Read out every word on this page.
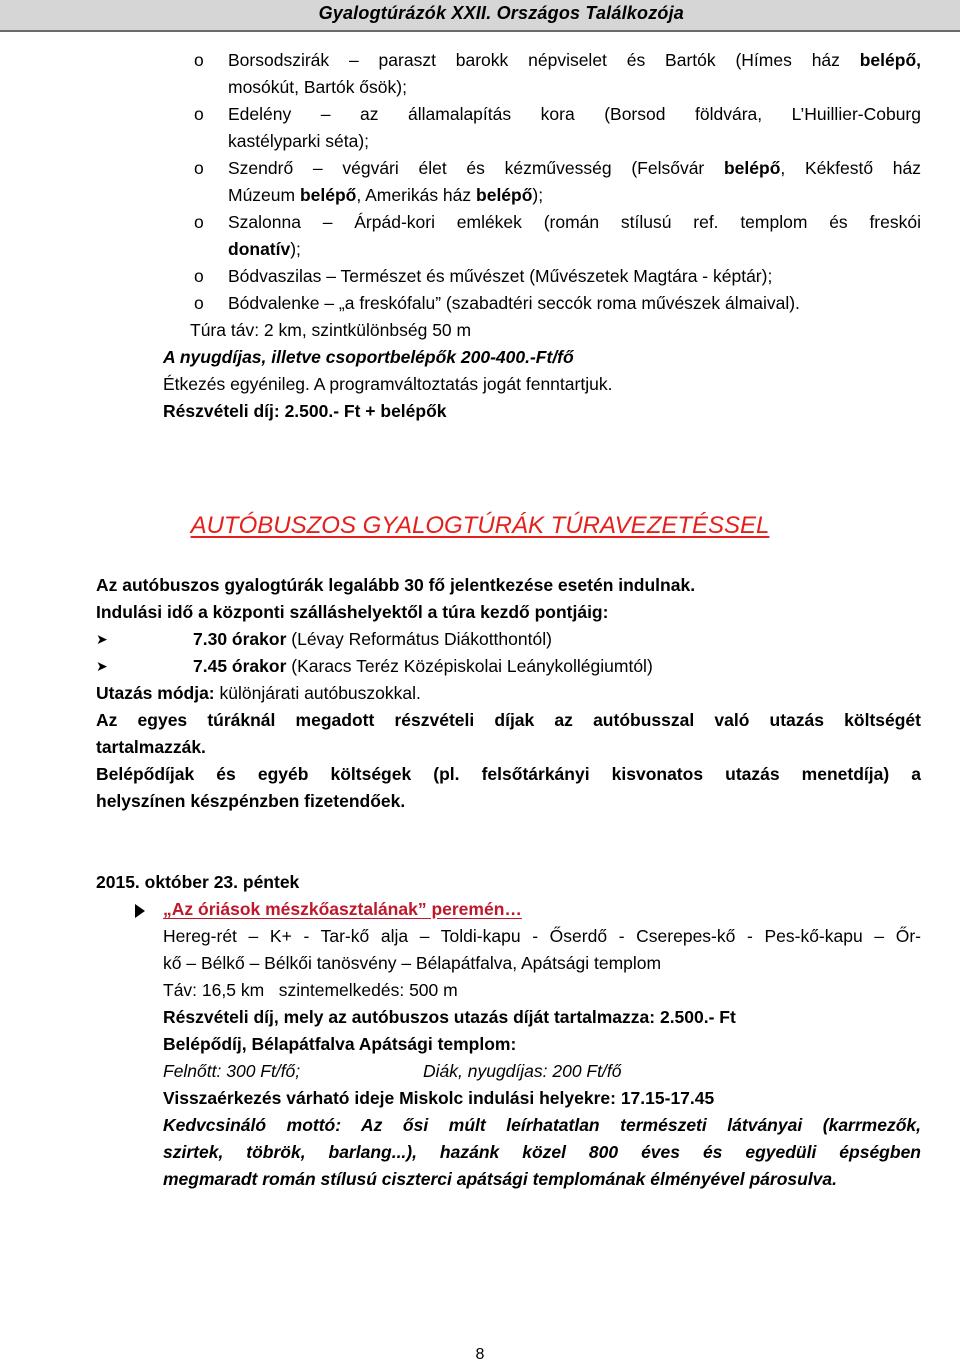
Gyalogtúrázók XXII. Országos Találkozója
o	Borsodszirák – paraszt barokk népviselet és Bartók (Hímes ház belépő,
mosókút, Bartók ősök);
o	Edelény – az államalapítás kora (Borsod földvára, L’Huillier-Coburg
kastélyparki séta);
o	Szendrő – végvári élet és kézművesség (Felsővár belépő, Kékfestő ház
Múzeum belépő, Amerikás ház belépő);
o	Szalonna – Árpád-kori emlékek (román stílusú ref. templom és freskói
donatív);
o	Bódvaszilas – Természet és művészet (Művészetek Magtára - képtár);
o	Bódvalenke – „a freskófalu” (szabadtéri seccók roma művészek álmaival).
Túra táv: 2 km, szintkülönbség 50 m
A nyugdíjas, illetve csoportbelépők 200-400.-Ft/fő
Étkezés egyénileg. A programváltoztatás jogát fenntartjuk.
Részvételi díj: 2.500.- Ft + belépők
AUTÓBUSZOS GYALOGTÚRÁK TÚRAVEZETÉSSEL
Az autóbuszos gyalogtúrák legalább 30 fő jelentkezése esetén indulnak.
Indulási idő a központi szálláshelyektől a túra kezdő pontjáig:
➤	7.30 órakor (Lévay Református Diákotthontól)
➤	7.45 órakor (Karacs Teréz Középiskolai Leánykollégiumtól)
Utazás módja: különjárati autóbuszokkal.
Az egyes túráknál megadott részvételi díjak az autóbusszal való utazás költségét
tartalmazzák.
Belépődíjak és egyéb költségek (pl. felsőtárkányi kisvonatos utazás menetdíja) a
helyszínen készpénzben fizetendőek.
2015. október 23. péntek
„Az óriások mészkőasztalának” peremén…
Hereg-rét – K+ - Tar-kő alja – Toldi-kapu - Őserdő - Cserepes-kő - Pes-kő-kapu – Őr-
kő – Bélkő – Bélkői tanösvény – Bélapátfalva, Apátsági templom
Táv: 16,5 km   szintemelkedés: 500 m
Részvételi díj, mely az autóbuszos utazás díját tartalmazza: 2.500.- Ft
Belépődíj, Bélapátfalva Apátsági templom:
Felnőtt: 300 Ft/fő;	Diák, nyugdíjas: 200 Ft/fő
Visszaérkezés várható ideje Miskolc indulási helyekre: 17.15-17.45
Kedvcsináló mottó: Az ősi múlt leírhatatlan természeti látványai (karrmezők,
szirtek, töbrök, barlang...), hazánk közel 800 éves és egyedüli épségben
megmaradt román stílusú ciszterci apátsági templomának élményével párosulva.
8
